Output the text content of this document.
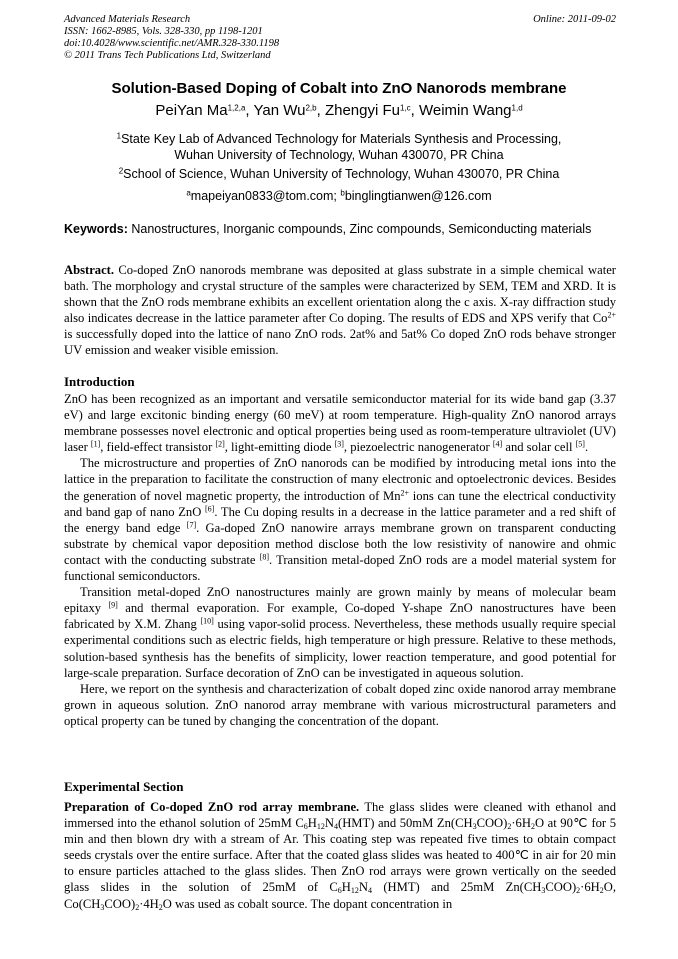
Advanced Materials Research	Online: 2011-09-02
ISSN: 1662-8985, Vols. 328-330, pp 1198-1201
doi:10.4028/www.scientific.net/AMR.328-330.1198
© 2011 Trans Tech Publications Ltd, Switzerland
Solution-Based Doping of Cobalt into ZnO Nanorods membrane
PeiYan Ma$^{1,2,a}$, Yan Wu$^{2,b}$, Zhengyi Fu$^{1,c}$, Weimin Wang$^{1,d}$
$^1$State Key Lab of Advanced Technology for Materials Synthesis and Processing,
Wuhan University of Technology, Wuhan 430070, PR China
$^2$School of Science, Wuhan University of Technology, Wuhan 430070, PR China
$^a$mapeiyan0833@tom.com; $^b$binglingtianwen@126.com
Keywords: Nanostructures, Inorganic compounds, Zinc compounds, Semiconducting materials

Abstract. Co-doped ZnO nanorods membrane was deposited at glass substrate in a simple chemical water bath. The morphology and crystal structure of the samples were characterized by SEM, TEM and XRD. It is shown that the ZnO rods membrane exhibits an excellent orientation along the c axis. X-ray diffraction study also indicates decrease in the lattice parameter after Co doping. The results of EDS and XPS verify that $Co^{2+}$ is successfully doped into the lattice of nano ZnO rods. 2at% and 5at% Co doped ZnO rods behave stronger UV emission and weaker visible emission.

Introduction

ZnO has been recognized as an important and versatile semiconductor material for its wide band gap (3.37 eV) and large excitonic binding energy (60 meV) at room temperature. High-quality ZnO nanorod arrays membrane possesses novel electronic and optical properties being used as room-temperature ultraviolet (UV) laser [1], field-effect transistor [2], light-emitting diode [3], piezoelectric nanogenerator [4] and solar cell [5].

The microstructure and properties of ZnO nanorods can be modified by introducing metal ions into the lattice in the preparation to facilitate the construction of many electronic and optoelectronic devices. Besides the generation of novel magnetic property, the introduction of $Mn^{2+}$ ions can tune the electrical conductivity and band gap of nano ZnO [6]. The Cu doping results in a decrease in the lattice parameter and a red shift of the energy band edge [7]. Ga-doped ZnO nanowire arrays membrane grown on transparent conducting substrate by chemical vapor deposition method disclose both the low resistivity of nanowire and ohmic contact with the conducting substrate [8]. Transition metal-doped ZnO rods are a model material system for functional semiconductors.

Transition metal-doped ZnO nanostructures mainly are grown mainly by means of molecular beam epitaxy [9] and thermal evaporation. For example, Co-doped Y-shape ZnO nanostructures have been fabricated by X.M. Zhang [10] using vapor-solid process. Nevertheless, these methods usually require special experimental conditions such as electric fields, high temperature or high pressure. Relative to these methods, solution-based synthesis has the benefits of simplicity, lower reaction temperature, and good potential for large-scale preparation. Surface decoration of ZnO can be investigated in aqueous solution.

Here, we report on the synthesis and characterization of cobalt doped zinc oxide nanorod array membrane grown in aqueous solution. ZnO nanorod array membrane with various microstructural parameters and optical property can be tuned by changing the concentration of the dopant.

Experimental Section

Preparation of Co-doped ZnO rod array membrane. The glass slides were cleaned with ethanol and immersed into the ethanol solution of 25mM $C_6H_{12}N_4(HMT)$ and 50mM $Zn(CH_3COO)_2\cdot 6H_2O$ at 90℃ for 5 min and then blown dry with a stream of Ar. This coating step was repeated five times to obtain compact seeds crystals over the entire surface. After that the coated glass slides was heated to 400℃ in air for 20 min to ensure particles attached to the glass slides. Then ZnO rod arrays were grown vertically on the seeded glass slides in the solution of 25mM of $C_6H_{12}N_4$ (HMT) and 25mM $Zn(CH_3COO)_2\cdot 6H_2O$, $Co(CH_3COO)_2\cdot 4H_2O$ was used as cobalt source. The dopant concentration in
